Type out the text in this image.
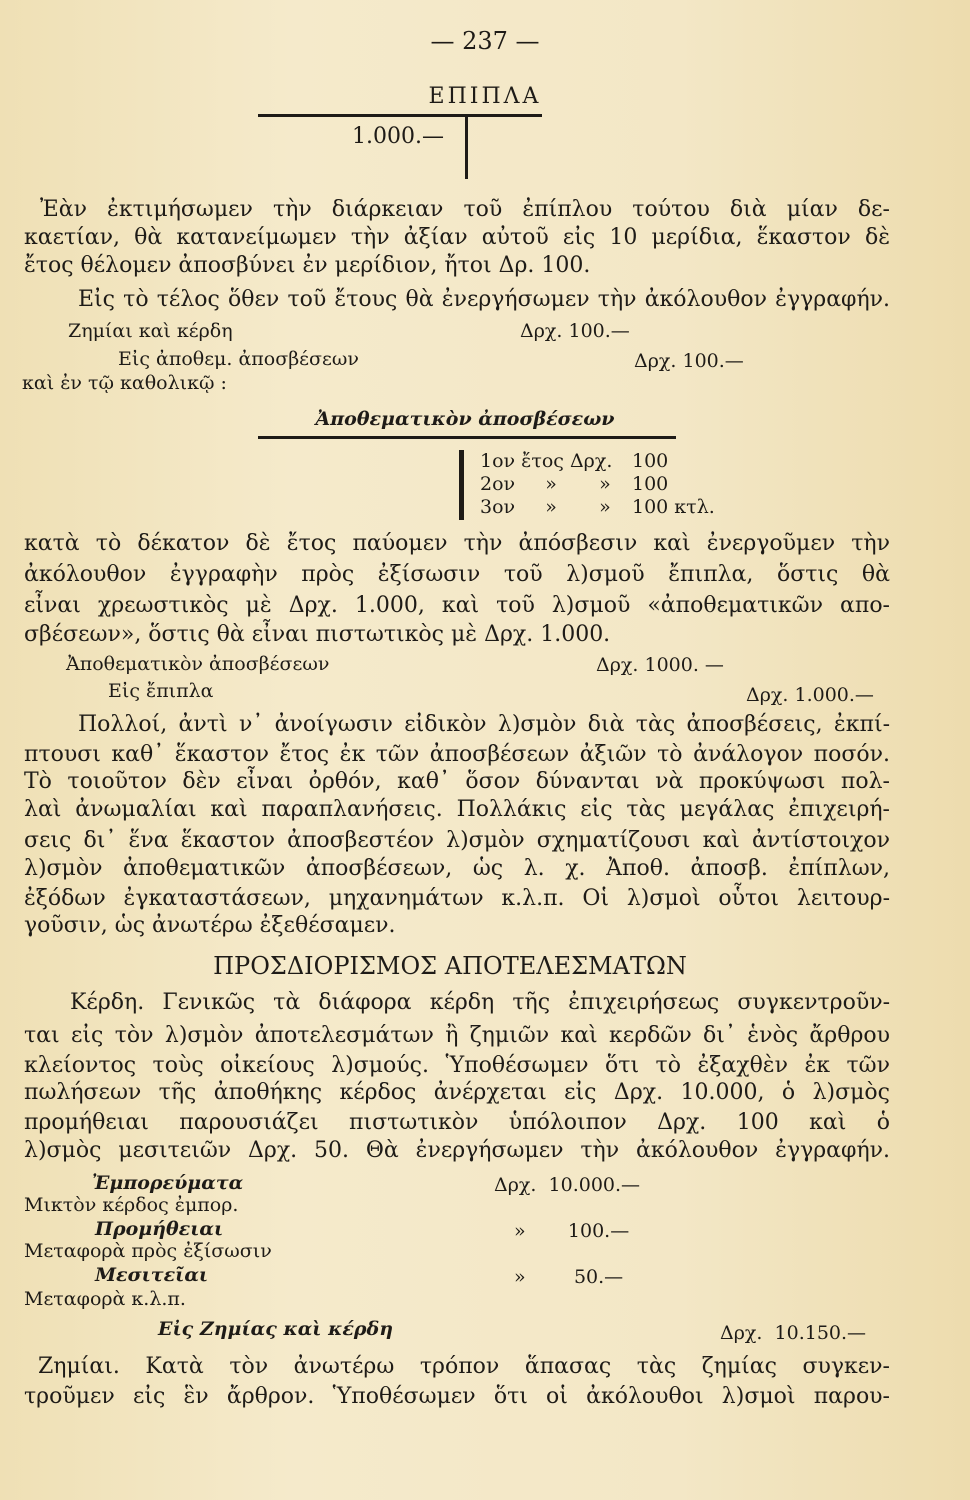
— 237 —
ΕΠΙΠΛΑ
1.000.—
Ἐὰν ἐκτιμήσωμεν τὴν διάρκειαν τοῦ ἐπίπλου τούτου διὰ μίαν δε-
καετίαν, θὰ κατανείμωμεν τὴν ἀξίαν αὐτοῦ εἰς 10 μερίδια, ἕκαστον δὲ
ἔτος θέλομεν ἀποσβύνει ἐν μερίδιον, ἤτοι Δρ. 100.
Εἰς τὸ τέλος ὅθεν τοῦ ἔτους θὰ ἐνεργήσωμεν τὴν ἀκόλουθον ἐγγραφήν.
Ζημίαι καὶ κέρδη	Δρχ. 100.—
Εἰς ἀποθεμ. ἀποσβέσεων	Δρχ. 100.—
καὶ ἐν τῷ καθολικῷ :
Ἀποθεματικὸν ἀποσβέσεων
1ον ἔτος Δρχ. 100
2ον     »       » 100
3ον     »       » 100 κτλ.
κατὰ τὸ δέκατον δὲ ἔτος παύομεν τὴν ἀπόσβεσιν καὶ ἐνεργοῦμεν τὴν
ἀκόλουθον ἐγγραφὴν πρὸς ἐξίσωσιν τοῦ λ)σμοῦ ἔπιπλα, ὅστις θὰ
εἶναι χρεωστικὸς μὲ Δρχ. 1.000, καὶ τοῦ λ)σμοῦ «ἀποθεματικῶν απο-
σβέσεων», ὅστις θὰ εἶναι πιστωτικὸς μὲ Δρχ. 1.000.
Ἀποθεματικὸν ἀποσβέσεων	Δρχ. 1000. —
Εἰς ἔπιπλα	Δρχ. 1.000.—
Πολλοί, ἀντὶ ν᾿ ἀνοίγωσιν εἰδικὸν λ)σμὸν διὰ τὰς ἀποσβέσεις, ἐκπί-
πτουσι καθ᾿ ἕκαστον ἔτος ἐκ τῶν ἀποσβέσεων ἀξιῶν τὸ ἀνάλογον ποσόν.
Τὸ τοιοῦτον δὲν εἶναι ὀρθόν, καθ᾿ ὅσον δύνανται νὰ προκύψωσι πολ-
λαὶ ἀνωμαλίαι καὶ παραπλανήσεις. Πολλάκις εἰς τὰς μεγάλας ἐπιχειρή-
σεις δι᾿ ἕνα ἕκαστον ἀποσβεστέον λ)σμὸν σχηματίζουσι καὶ ἀντίστοιχον
λ)σμὸν ἀποθεματικῶν ἀποσβέσεων, ὡς λ. χ. Ἀποθ. ἀποσβ. ἐπίπλων,
ἐξόδων ἐγκαταστάσεων, μηχανημάτων κ.λ.π. Οἱ λ)σμοὶ οὗτοι λειτουρ-
γοῦσιν, ὡς ἀνωτέρω ἐξεθέσαμεν.
ΠΡΟΣΔΙΟΡΙΣΜΟΣ ΑΠΟΤΕΛΕΣΜΑΤΩΝ
Κέρδη. Γενικῶς τὰ διάφορα κέρδη τῆς ἐπιχειρήσεως συγκεντροῦν-
ται εἰς τὸν λ)σμὸν ἀποτελεσμάτων ἢ ζημιῶν καὶ κερδῶν δι᾿ ἑνὸς ἄρθρου
κλείοντος τοὺς οἰκείους λ)σμούς. Ὑποθέσωμεν ὅτι τὸ ἐξαχθὲν ἐκ τῶν
πωλήσεων τῆς ἀποθήκης κέρδος ἀνέρχεται εἰς Δρχ. 10.000, ὁ λ)σμὸς
προμήθειαι παρουσιάζει πιστωτικὸν ὑπόλοιπον Δρχ. 100 καὶ ὁ
λ)σμὸς μεσιτειῶν Δρχ. 50. Θὰ ἐνεργήσωμεν τὴν ἀκόλουθον ἐγγραφήν.
Ἐμπορεύματα	Δρχ.  10.000.—
Μικτὸν κέρδος ἐμπορ.
Προμήθειαι	»       100.—
Μεταφορὰ πρὸς ἐξίσωσιν
Μεσιτεῖαι	»        50.—
Μεταφορὰ κ.λ.π.
Εἰς Ζημίας καὶ κέρδη	Δρχ.  10.150.—
Ζημίαι. Κατὰ τὸν ἀνωτέρω τρόπον ἅπασας τὰς ζημίας συγκεν-
τροῦμεν εἰς ἓν ἄρθρον. Ὑποθέσωμεν ὅτι οἱ ἀκόλουθοι λ)σμοὶ παρου-
